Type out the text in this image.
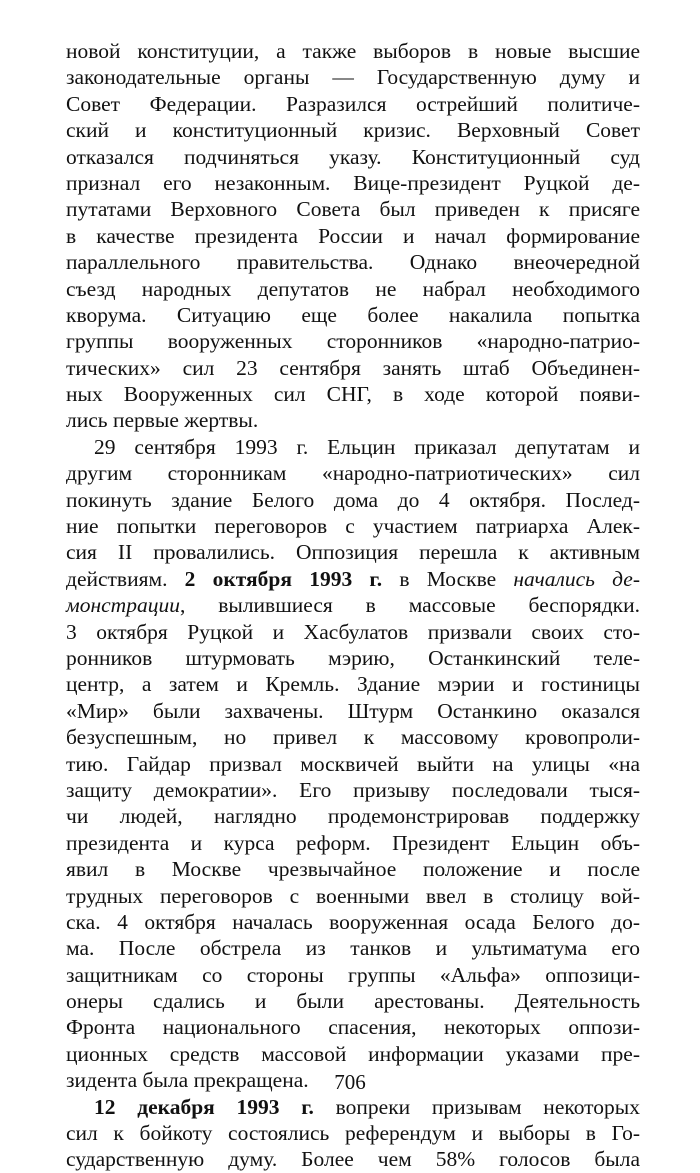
новой конституции, а также выборов в новые высшие
законодательные органы — Государственную думу и
Совет Федерации. Разразился острейший политиче-
ский и конституционный кризис. Верховный Совет
отказался подчиняться указу. Конституционный суд
признал его незаконным. Вице-президент Руцкой де-
путатами Верховного Совета был приведен к присяге
в качестве президента России и начал формирование
параллельного правительства. Однако внеочередной
съезд народных депутатов не набрал необходимого
кворума. Ситуацию еще более накалила попытка
группы вооруженных сторонников «народно-патрио-
тических» сил 23 сентября занять штаб Объединен-
ных Вооруженных сил СНГ, в ходе которой появи-
лись первые жертвы.
29 сентября 1993 г. Ельцин приказал депутатам и
другим сторонникам «народно-патриотических» сил
покинуть здание Белого дома до 4 октября. Послед-
ние попытки переговоров с участием патриарха Алек-
сия II провалились. Оппозиция перешла к активным
действиям. 2 октября 1993 г. в Москве начались де-
монстрации, вылившиеся в массовые беспорядки.
3 октября Руцкой и Хасбулатов призвали своих сто-
ронников штурмовать мэрию, Останкинский теле-
центр, а затем и Кремль. Здание мэрии и гостиницы
«Мир» были захвачены. Штурм Останкино оказался
безуспешным, но привел к массовому кровопроли-
тию. Гайдар призвал москвичей выйти на улицы «на
защиту демократии». Его призыву последовали тыся-
чи людей, наглядно продемонстрировав поддержку
президента и курса реформ. Президент Ельцин объ-
явил в Москве чрезвычайное положение и после
трудных переговоров с военными ввел в столицу вой-
ска. 4 октября началась вооруженная осада Белого до-
ма. После обстрела из танков и ультиматума его
защитникам со стороны группы «Альфа» оппозици-
онеры сдались и были арестованы. Деятельность
Фронта национального спасения, некоторых оппози-
ционных средств массовой информации указами пре-
зидента была прекращена.
12 декабря 1993 г. вопреки призывам некоторых
сил к бойкоту состоялись референдум и выборы в Го-
сударственную думу. Более чем 58% голосов была
706
